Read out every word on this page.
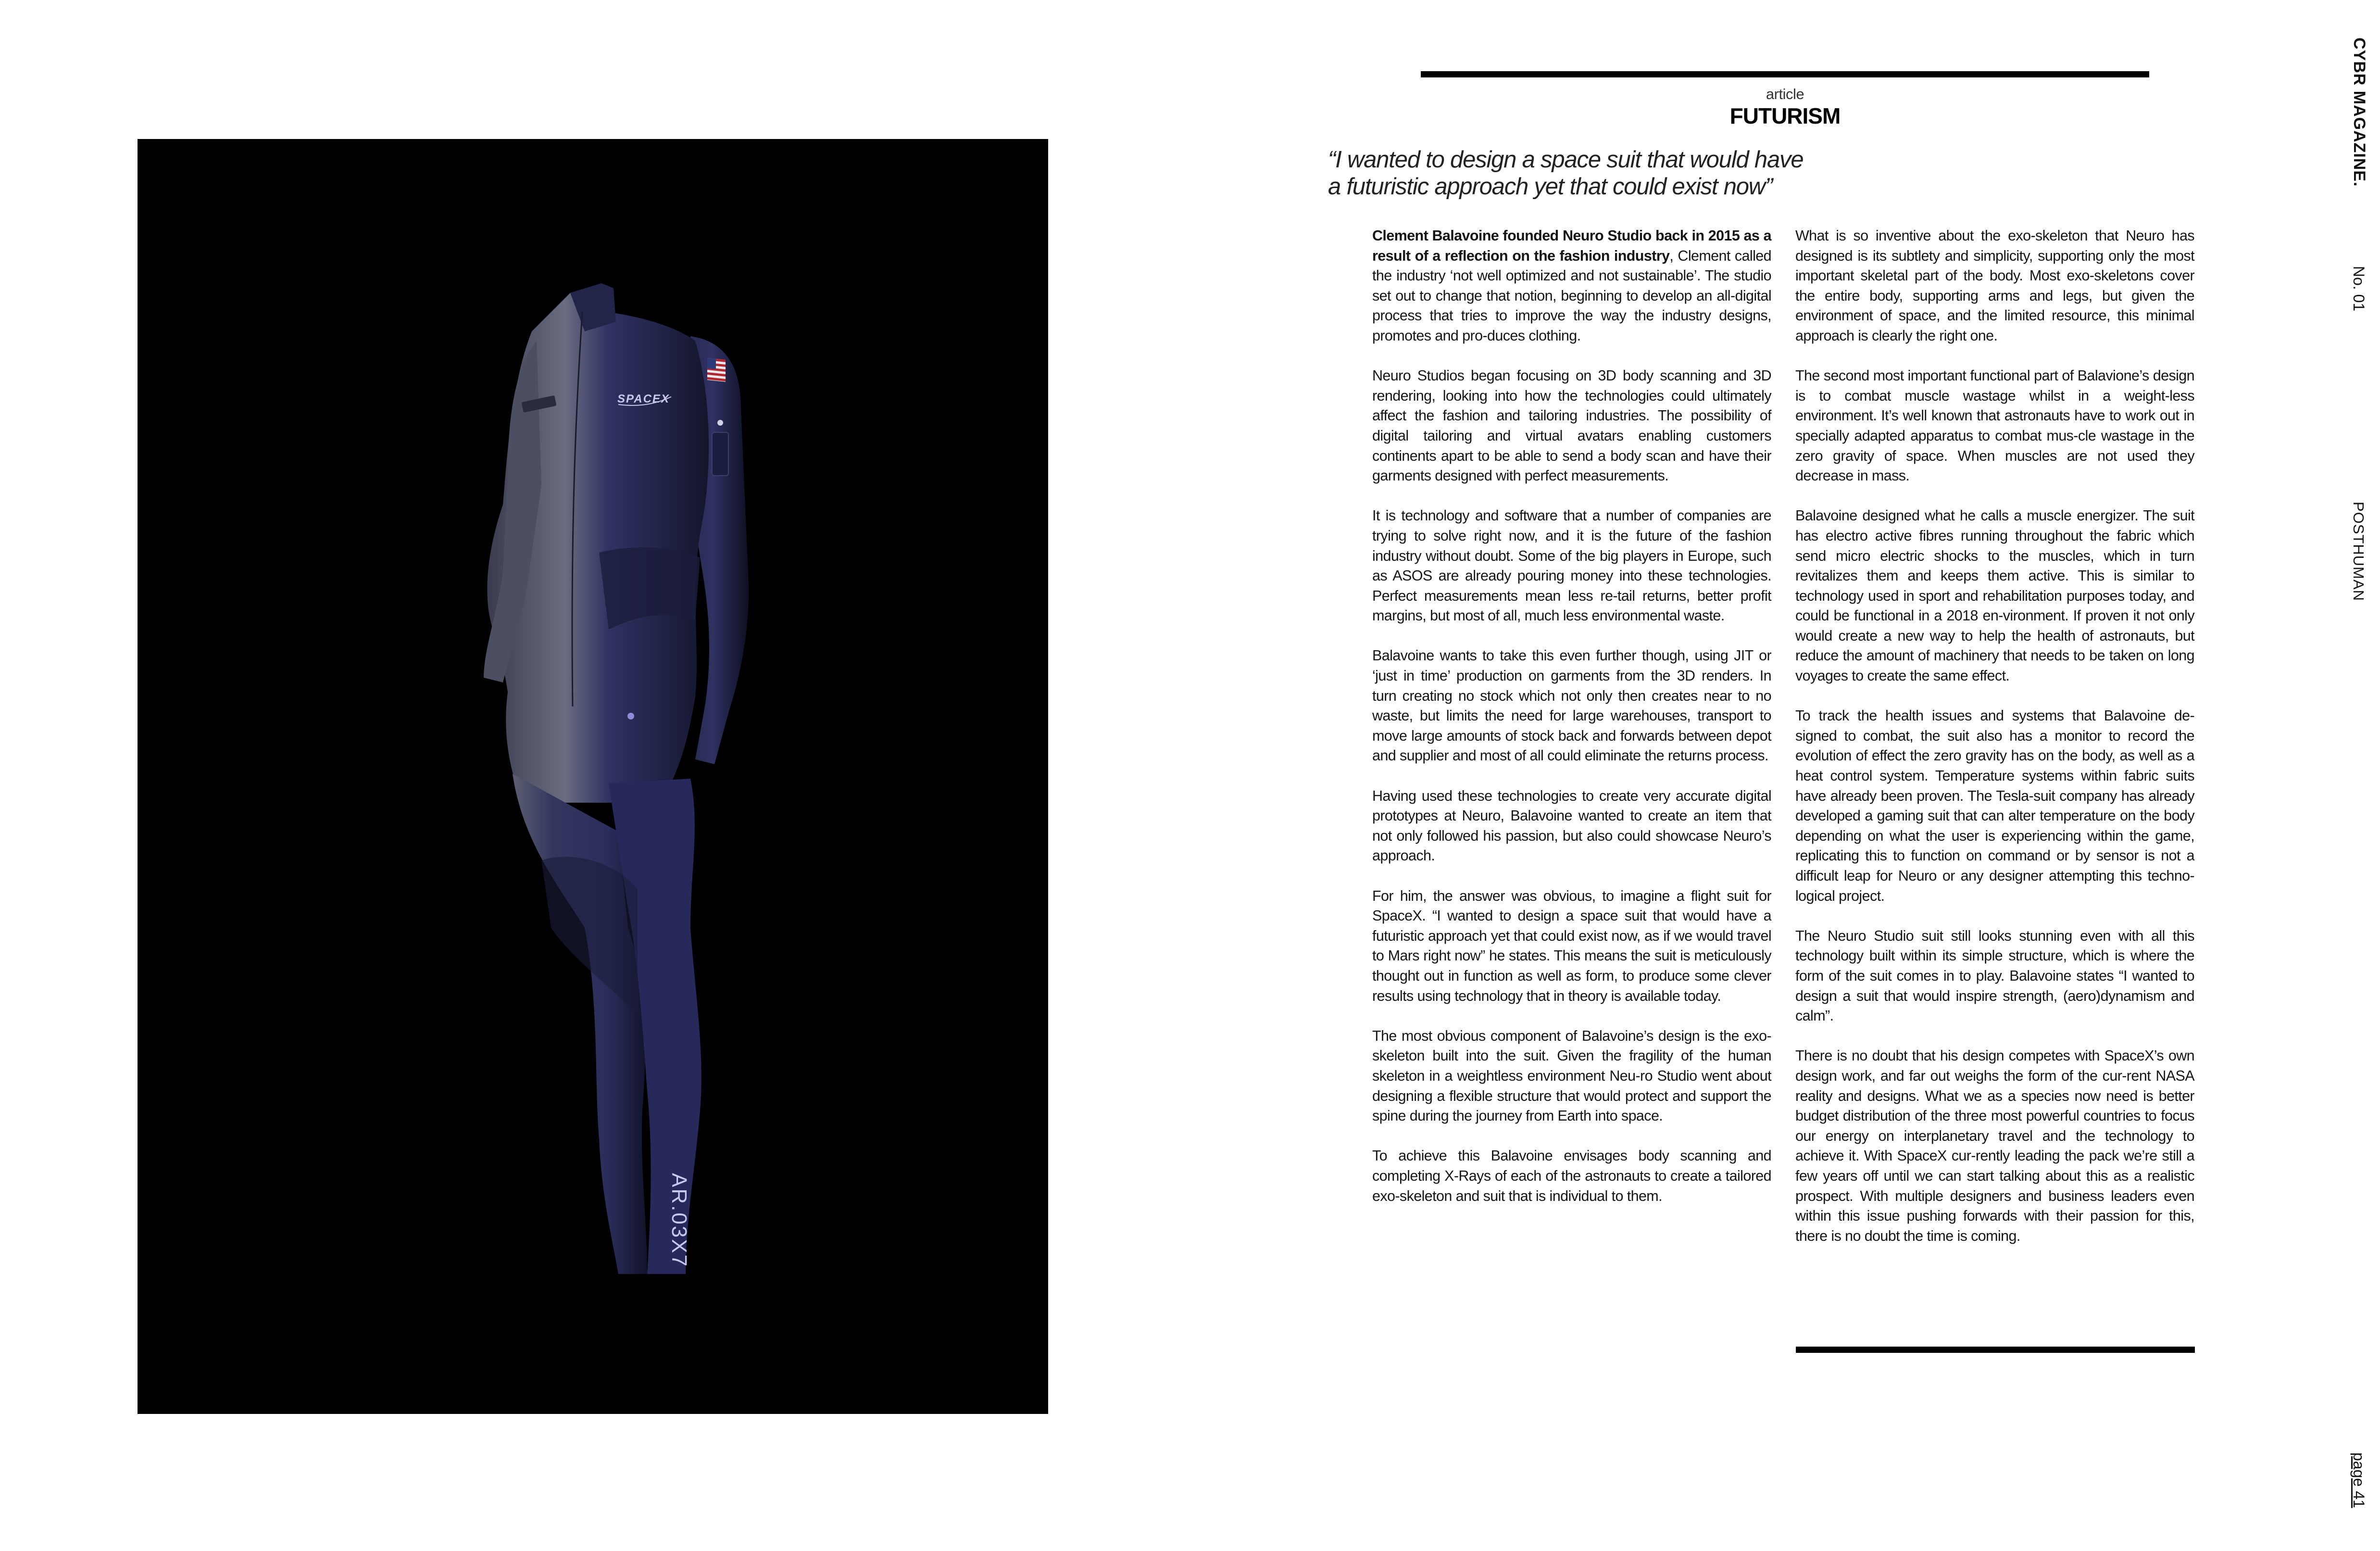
SPACEX
AR.03X7
article
FUTURISM
“I wanted to design a space suit that would have
a futuristic approach yet that could exist now”

Clement Balavoine founded Neuro Studio back in 2015 as a result of a reflection on the fashion industry, Clement called the industry ‘not well optimized and not sustainable’. The studio set out to change that notion, beginning to develop an all-digital process that tries to improve the way the industry designs, promotes and pro-duces clothing.

Neuro Studios began focusing on 3D body scanning and 3D rendering, looking into how the technologies could ultimately affect the fashion and tailoring industries. The possibility of digital tailoring and virtual avatars enabling customers continents apart to be able to send a body scan and have their garments designed with perfect measurements.

It is technology and software that a number of companies are trying to solve right now, and it is the future of the fashion industry without doubt. Some of the big players in Europe, such as ASOS are already pouring money into these technologies. Perfect measurements mean less re-tail returns, better profit margins, but most of all, much less environmental waste.

Balavoine wants to take this even further though, using JIT or ‘just in time’ production on garments from the 3D renders. In turn creating no stock which not only then creates near to no waste, but limits the need for large warehouses, transport to move large amounts of stock back and forwards between depot and supplier and most of all could eliminate the returns process.

Having used these technologies to create very accurate digital prototypes at Neuro, Balavoine wanted to create an item that not only followed his passion, but also could showcase Neuro’s approach.

For him, the answer was obvious, to imagine a flight suit for SpaceX. “I wanted to design a space suit that would have a futuristic approach yet that could exist now, as if we would travel to Mars right now” he states. This means the suit is meticulously thought out in function as well as form, to produce some clever results using technology that in theory is available today.

The most obvious component of Balavoine’s design is the exo-skeleton built into the suit. Given the fragility of the human skeleton in a weightless environment Neu-ro Studio went about designing a flexible structure that would protect and support the spine during the journey from Earth into space.

To achieve this Balavoine envisages body scanning and completing X-Rays of each of the astronauts to create a tailored exo-skeleton and suit that is individual to them.

What is so inventive about the exo-skeleton that Neuro has designed is its subtlety and simplicity, supporting only the most important skeletal part of the body. Most exo-skeletons cover the entire body, supporting arms and legs, but given the environment of space, and the limited resource, this minimal approach is clearly the right one.

The second most important functional part of Balavione’s design is to combat muscle wastage whilst in a weight-less environment. It’s well known that astronauts have to work out in specially adapted apparatus to combat mus-cle wastage in the zero gravity of space. When muscles are not used they decrease in mass.

Balavoine designed what he calls a muscle energizer. The suit has electro active fibres running throughout the fabric which send micro electric shocks to the muscles, which in turn revitalizes them and keeps them active. This is similar to technology used in sport and rehabilitation purposes today, and could be functional in a 2018 en-vironment. If proven it not only would create a new way to help the health of astronauts, but reduce the amount of machinery that needs to be taken on long voyages to create the same effect.

To track the health issues and systems that Balavoine de-signed to combat, the suit also has a monitor to record the evolution of effect the zero gravity has on the body, as well as a heat control system. Temperature systems within fabric suits have already been proven. The Tesla-suit company has already developed a gaming suit that can alter temperature on the body depending on what the user is experiencing within the game, replicating this to function on command or by sensor is not a difficult leap for Neuro or any designer attempting this techno-logical project.

The Neuro Studio suit still looks stunning even with all this technology built within its simple structure, which is where the form of the suit comes in to play. Balavoine states “I wanted to design a suit that would inspire strength, (aero)dynamism and calm”.

There is no doubt that his design competes with SpaceX’s own design work, and far out weighs the form of the cur-rent NASA reality and designs. What we as a species now need is better budget distribution of the three most powerful countries to focus our energy on interplanetary travel and the technology to achieve it. With SpaceX cur-rently leading the pack we’re still a few years off until we can start talking about this as a realistic prospect. With multiple designers and business leaders even within this issue pushing forwards with their passion for this, there is no doubt the time is coming.

CYBR MAGAZINE.
No. 01
POSTHUMAN
page 41
